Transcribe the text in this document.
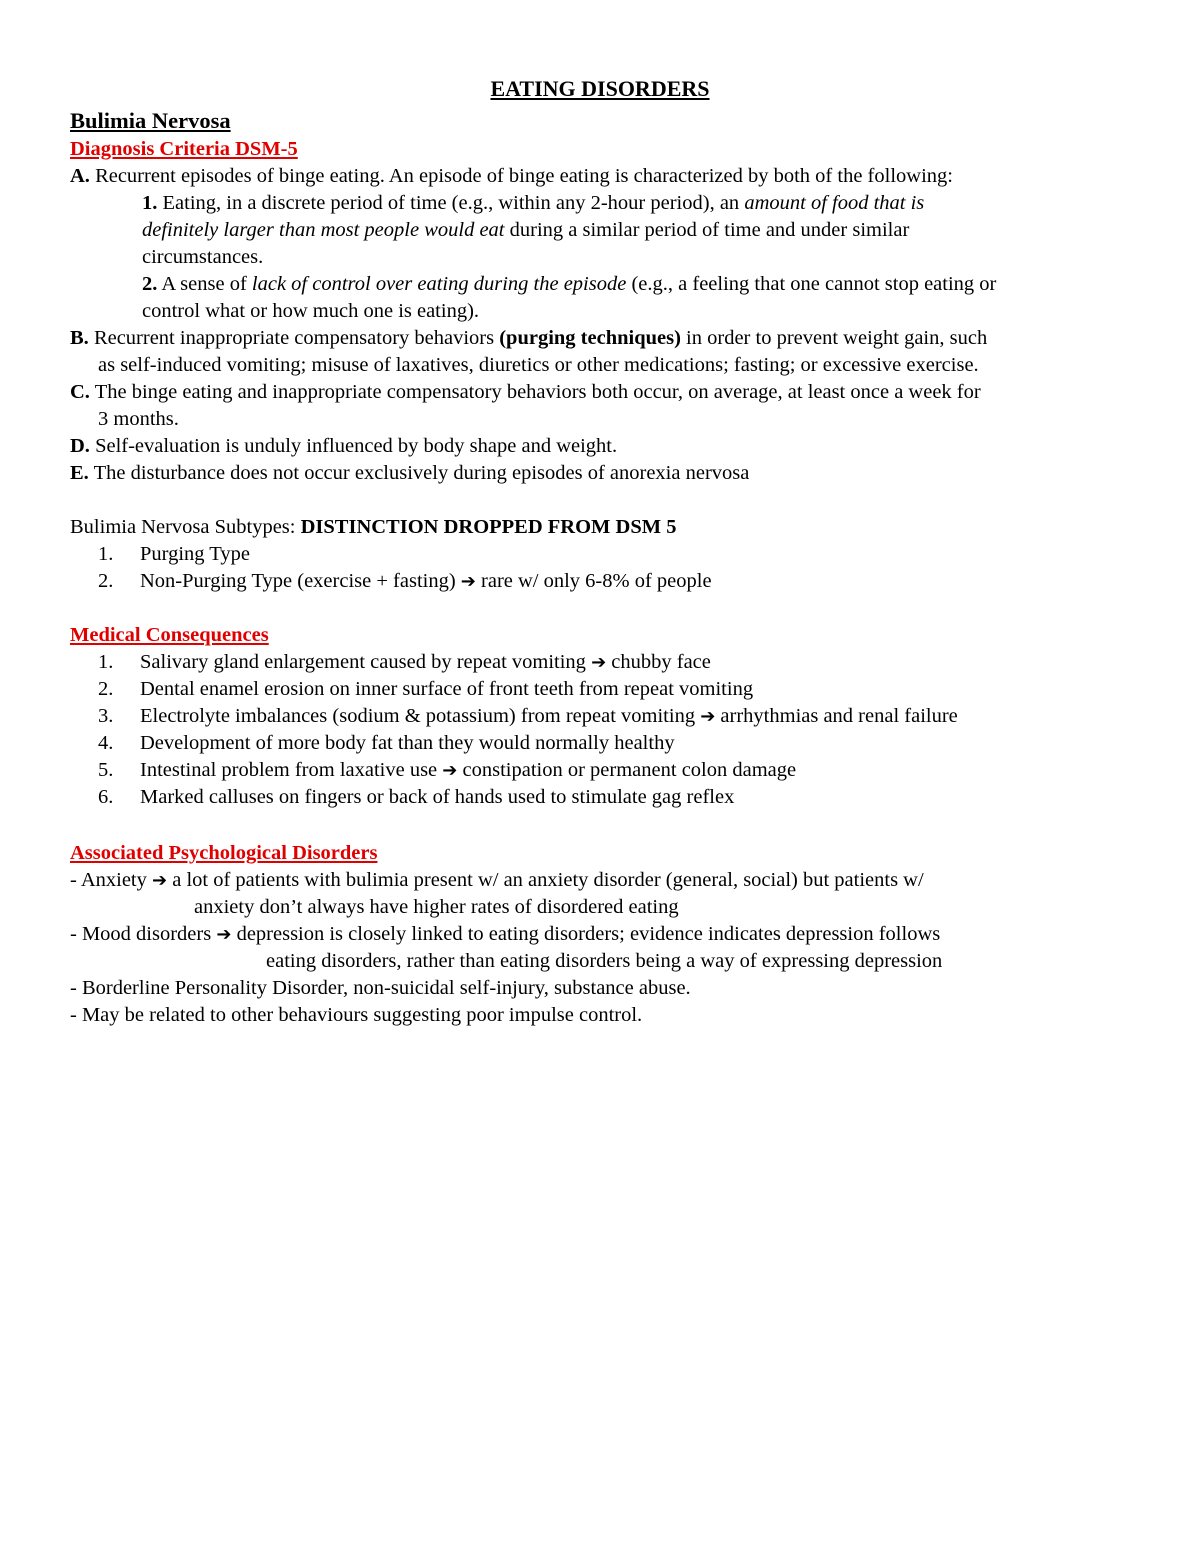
EATING DISORDERS
Bulimia Nervosa
Diagnosis Criteria DSM-5
A. Recurrent episodes of binge eating. An episode of binge eating is characterized by both of the following:
1. Eating, in a discrete period of time (e.g., within any 2-hour period), an amount of food that is
definitely larger than most people would eat during a similar period of time and under similar
circumstances.
2. A sense of lack of control over eating during the episode (e.g., a feeling that one cannot stop eating or
control what or how much one is eating).
B. Recurrent inappropriate compensatory behaviors (purging techniques) in order to prevent weight gain, such
as self-induced vomiting; misuse of laxatives, diuretics or other medications; fasting; or excessive exercise.
C. The binge eating and inappropriate compensatory behaviors both occur, on average, at least once a week for
3 months.
D. Self-evaluation is unduly influenced by body shape and weight.
E. The disturbance does not occur exclusively during episodes of anorexia nervosa
Bulimia Nervosa Subtypes: DISTINCTION DROPPED FROM DSM 5
1. Purging Type
2. Non-Purging Type (exercise + fasting) ➔ rare w/ only 6-8% of people
Medical Consequences
1. Salivary gland enlargement caused by repeat vomiting ➔ chubby face
2. Dental enamel erosion on inner surface of front teeth from repeat vomiting
3. Electrolyte imbalances (sodium & potassium) from repeat vomiting ➔ arrhythmias and renal failure
4. Development of more body fat than they would normally healthy
5. Intestinal problem from laxative use ➔ constipation or permanent colon damage
6. Marked calluses on fingers or back of hands used to stimulate gag reflex
Associated Psychological Disorders
- Anxiety ➔ a lot of patients with bulimia present w/ an anxiety disorder (general, social) but patients w/
anxiety don’t always have higher rates of disordered eating
- Mood disorders ➔ depression is closely linked to eating disorders; evidence indicates depression follows
eating disorders, rather than eating disorders being a way of expressing depression
- Borderline Personality Disorder, non-suicidal self-injury, substance abuse.
- May be related to other behaviours suggesting poor impulse control.
